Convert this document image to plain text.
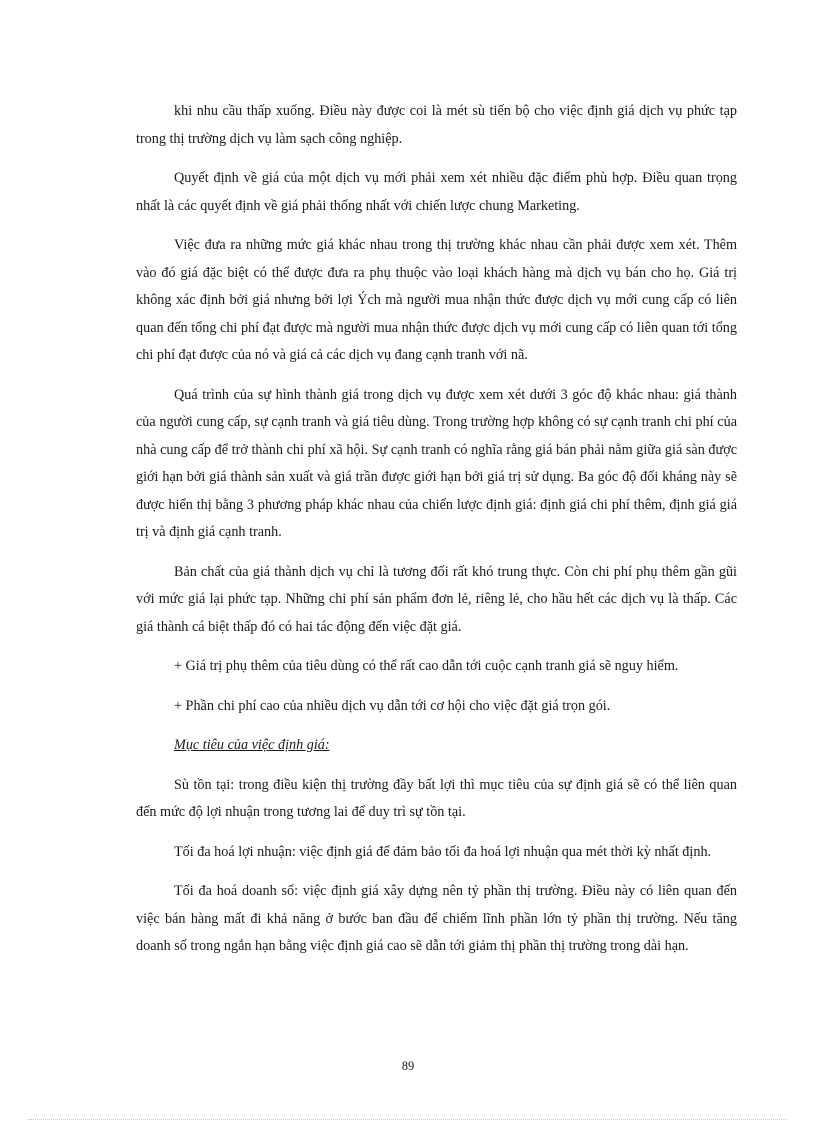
khi nhu cầu thấp xuống. Điều này được coi là mét sù tiến bộ cho việc định giá dịch vụ phức tạp trong thị trường dịch vụ làm sạch công nghiệp.

Quyết định về giá của một dịch vụ mới phải xem xét nhiều đặc điểm phù hợp. Điều quan trọng nhất là các quyết định về giá phải thống nhất với chiến lược chung Marketing.

Việc đưa ra những mức giá khác nhau trong thị trường khác nhau cần phải được xem xét. Thêm vào đó giá đặc biệt có thể được đưa ra phụ thuộc vào loại khách hàng mà dịch vụ bán cho họ. Giá trị không xác định bởi giá nhưng bởi lợi Ých mà người mua nhận thức được dịch vụ mới cung cấp có liên quan đến tổng chi phí đạt được mà người mua nhận thức được dịch vụ mới cung cấp có liên quan tới tổng chi phí đạt được của nó và giá cả các dịch vụ đang cạnh tranh với nã.

Quá trình của sự hình thành giá trong dịch vụ được xem xét dưới 3 góc độ khác nhau: giá thành của người cung cấp, sự cạnh tranh và giá tiêu dùng. Trong trường hợp không có sự cạnh tranh chi phí của nhà cung cấp để trở thành chi phí xã hội. Sự cạnh tranh có nghĩa rằng giá bán phải nằm giữa giá sàn được giới hạn bởi giá thành sản xuất và giá trần được giới hạn bởi giá trị sử dụng. Ba góc độ đối kháng này sẽ được hiển thị bằng 3 phương pháp khác nhau của chiến lược định giá: định giá chi phí thêm, định giá giá trị và định giá cạnh tranh.

Bản chất của giá thành dịch vụ chỉ là tương đối rất khó trung thực. Còn chi phí phụ thêm gần gũi với mức giá lại phức tạp. Những chi phí sản phẩm đơn lẻ, riêng lẻ, cho hầu hết các dịch vụ là thấp. Các giá thành cá biệt thấp đó có hai tác động đến việc đặt giá.

+ Giá trị phụ thêm của tiêu dùng có thể rất cao dẫn tới cuộc cạnh tranh giá sẽ nguy hiểm.

+ Phần chi phí cao của nhiều dịch vụ dẫn tới cơ hội cho việc đặt giá trọn gói.

Mục tiêu của việc định giá:

Sù tồn tại: trong điều kiện thị trường đầy bất lợi thì mục tiêu của sự định giá sẽ có thể liên quan đến mức độ lợi nhuận trong tương lai để duy trì sự tồn tại.

Tối đa hoá lợi nhuận: việc định giá để đảm bảo tối đa hoá lợi nhuận qua mét thời kỳ nhất định.

Tối đa hoá doanh số: việc định giá xây dựng nên tỷ phần thị trường. Điều này có liên quan đến việc bán hàng mất đi khả năng ở bước ban đầu để chiếm lĩnh phần lớn tỷ phần thị trường. Nếu tăng doanh số trong ngắn hạn bằng việc định giá cao sẽ dẫn tới giảm thị phần thị trường trong dài hạn.

89
